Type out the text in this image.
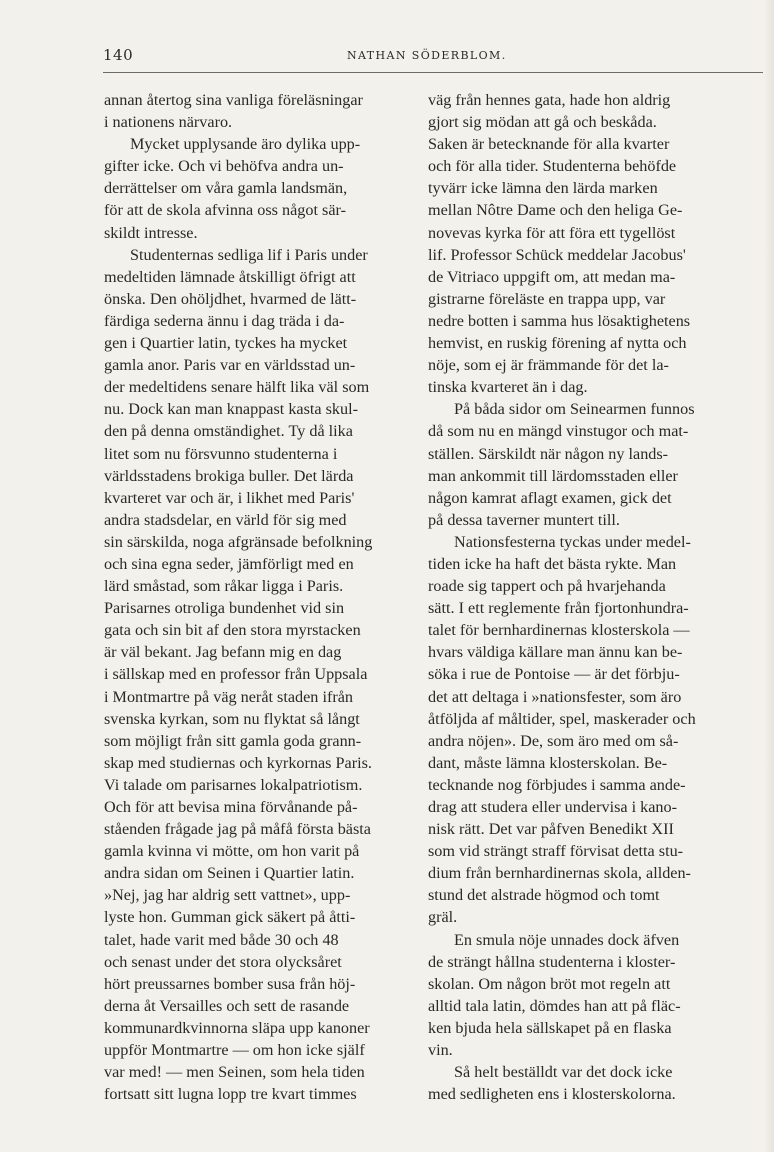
140	NATHAN SÖDERBLOM.
annan återtog sina vanliga föreläsningar
i nationens närvaro.
Mycket upplysande äro dylika upp-
gifter icke. Och vi behöfva andra un-
derrättelser om våra gamla landsmän,
för att de skola afvinna oss något sär-
skildt intresse.
Studenternas sedliga lif i Paris under
medeltiden lämnade åtskilligt öfrigt att
önska. Den ohöljdhet, hvarmed de lätt-
färdiga sederna ännu i dag träda i da-
gen i Quartier latin, tyckes ha mycket
gamla anor. Paris var en världsstad un-
der medeltidens senare hälft lika väl som
nu. Dock kan man knappast kasta skul-
den på denna omständighet. Ty då lika
litet som nu försvunno studenterna i
världsstadens brokiga buller. Det lärda
kvarteret var och är, i likhet med Paris'
andra stadsdelar, en värld för sig med
sin särskilda, noga afgränsade befolkning
och sina egna seder, jämförligt med en
lärd småstad, som råkar ligga i Paris.
Parisarnes otroliga bundenhet vid sin
gata och sin bit af den stora myrstacken
är väl bekant. Jag befann mig en dag
i sällskap med en professor från Uppsala
i Montmartre på väg neråt staden ifrån
svenska kyrkan, som nu flyktat så långt
som möjligt från sitt gamla goda grann-
skap med studiernas och kyrkornas Paris.
Vi talade om parisarnes lokalpatriotism.
Och för att bevisa mina förvånande på-
ståenden frågade jag på måfå första bästa
gamla kvinna vi mötte, om hon varit på
andra sidan om Seinen i Quartier latin.
»Nej, jag har aldrig sett vattnet», upp-
lyste hon. Gumman gick säkert på åtti-
talet, hade varit med både 30 och 48
och senast under det stora olycksåret
hört preussarnes bomber susa från höj-
derna åt Versailles och sett de rasande
kommunardkvinnorna släpa upp kanoner
uppför Montmartre — om hon icke själf
var med! — men Seinen, som hela tiden
fortsatt sitt lugna lopp tre kvart timmes
väg från hennes gata, hade hon aldrig
gjort sig mödan att gå och beskåda.
Saken är betecknande för alla kvarter
och för alla tider. Studenterna behöfde
tyvärr icke lämna den lärda marken
mellan Nôtre Dame och den heliga Ge-
novevas kyrka för att föra ett tygellöst
lif. Professor Schück meddelar Jacobus'
de Vitriaco uppgift om, att medan ma-
gistrarne föreläste en trappa upp, var
nedre botten i samma hus lösaktighetens
hemvist, en ruskig förening af nytta och
nöje, som ej är främmande för det la-
tinska kvarteret än i dag.
På båda sidor om Seinearmen funnos
då som nu en mängd vinstugor och mat-
ställen. Särskildt när någon ny lands-
man ankommit till lärdomsstaden eller
någon kamrat aflagt examen, gick det
på dessa taverner muntert till.
Nationsfesterna tyckas under medel-
tiden icke ha haft det bästa rykte. Man
roade sig tappert och på hvarjehanda
sätt. I ett reglemente från fjortonhundra-
talet för bernhardinernas klosterskola —
hvars väldiga källare man ännu kan be-
söka i rue de Pontoise — är det förbju-
det att deltaga i »nationsfester, som äro
åtföljda af måltider, spel, maskerader och
andra nöjen». De, som äro med om så-
dant, måste lämna klosterskolan. Be-
tecknande nog förbjudes i samma ande-
drag att studera eller undervisa i kano-
nisk rätt. Det var påfven Benedikt XII
som vid strängt straff förvisat detta stu-
dium från bernhardinernas skola, allden-
stund det alstrade högmod och tomt
gräl.
En smula nöje unnades dock äfven
de strängt hållna studenterna i kloster-
skolan. Om någon bröt mot regeln att
alltid tala latin, dömdes han att på fläc-
ken bjuda hela sällskapet på en flaska
vin.
Så helt beställdt var det dock icke
med sedligheten ens i klosterskolorna.
